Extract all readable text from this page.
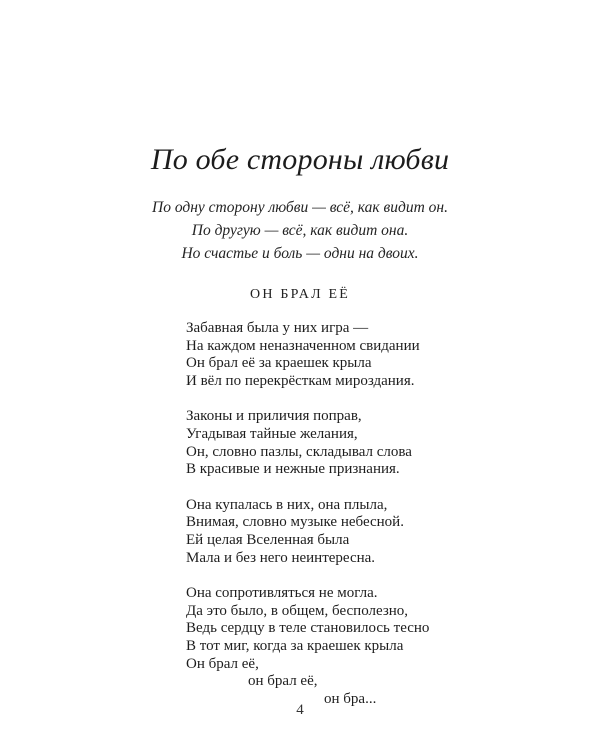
По обе стороны любви
По одну сторону любви — всё, как видит он.
По другую — всё, как видит она.
Но счастье и боль — одни на двоих.
ОН БРАЛ ЕЁ
Забавная была у них игра —
На каждом неназначенном свидании
Он брал её за краешек крыла
И вёл по перекрёсткам мироздания.
Законы и приличия поправ,
Угадывая тайные желания,
Он, словно пазлы, складывал слова
В красивые и нежные признания.
Она купалась в них, она плыла,
Внимая, словно музыке небесной.
Ей целая Вселенная была
Мала и без него неинтересна.
Она сопротивляться не могла.
Да это было, в общем, бесполезно,
Ведь сердцу в теле становилось тесно
В тот миг, когда за краешек крыла
Он брал её,
он брал её,
он бра...
4
